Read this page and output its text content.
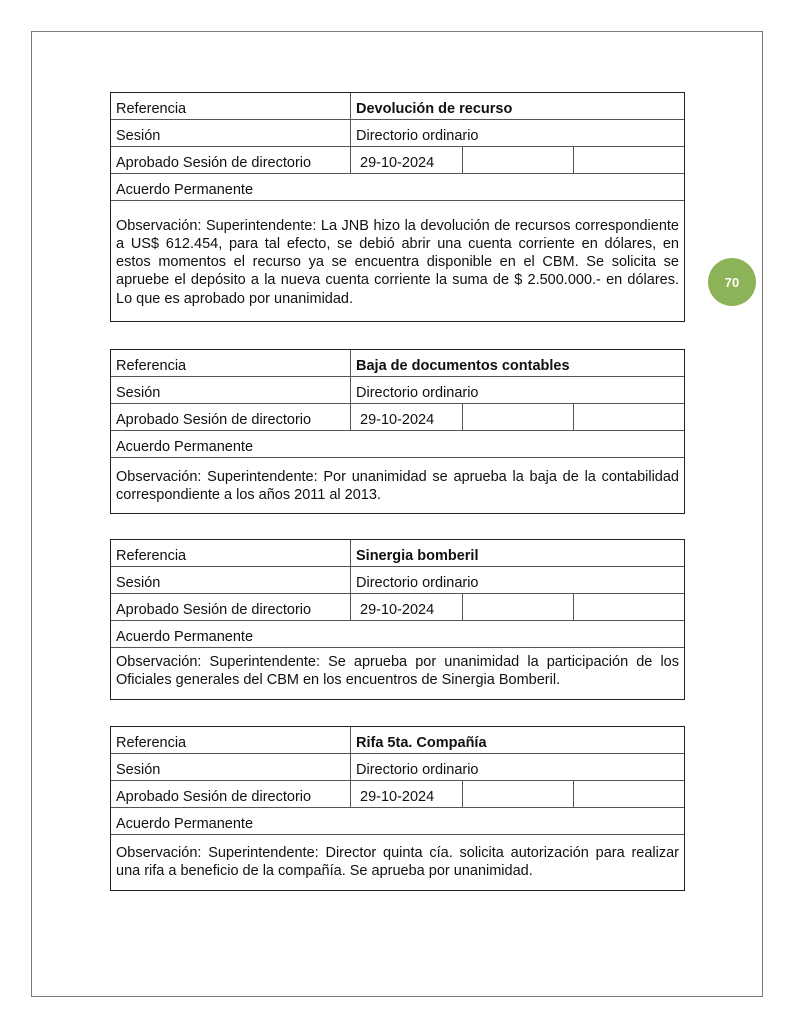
70
Referencia	Devolución de recurso
Sesión	Directorio ordinario
Aprobado Sesión de directorio	29-10-2024
Acuerdo Permanente
Observación: Superintendente: La JNB hizo la devolución de recursos correspondiente a US$ 612.454, para tal efecto, se debió abrir una cuenta corriente en dólares, en estos momentos el recurso ya se encuentra disponible en el CBM. Se solicita se apruebe el depósito a la nueva cuenta corriente la suma de $ 2.500.000.- en dólares. Lo que es aprobado por unanimidad.
Referencia	Baja de documentos contables
Sesión	Directorio ordinario
Aprobado Sesión de directorio	29-10-2024
Acuerdo Permanente
Observación: Superintendente: Por unanimidad se aprueba la baja de la contabilidad correspondiente a los años 2011 al 2013.
Referencia	Sinergia bomberil
Sesión	Directorio ordinario
Aprobado Sesión de directorio	29-10-2024
Acuerdo Permanente
Observación: Superintendente: Se aprueba por unanimidad la participación de los Oficiales generales del CBM en los encuentros de Sinergia Bomberil.
Referencia	Rifa 5ta. Compañía
Sesión	Directorio ordinario
Aprobado Sesión de directorio	29-10-2024
Acuerdo Permanente
Observación: Superintendente: Director quinta cía. solicita autorización para realizar una rifa a beneficio de la compañía. Se aprueba por unanimidad.
